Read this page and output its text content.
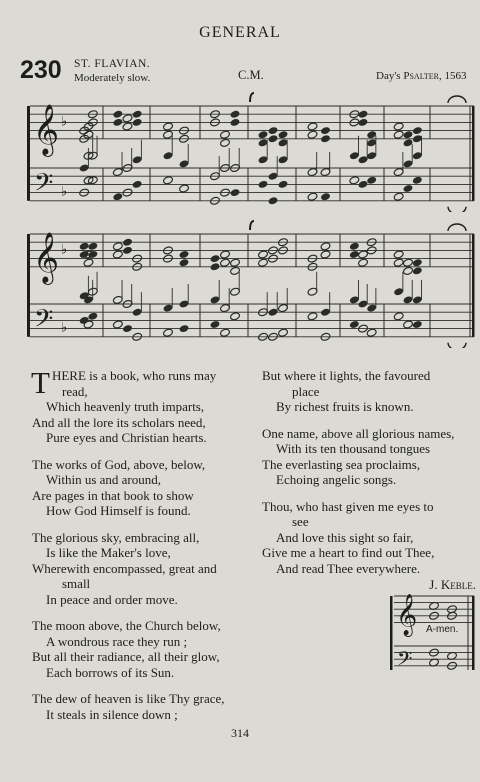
GENERAL
230 ST. FLAVIAN.
Moderately slow.	C.M.	Day's Psalter, 1563
𝄞
𝄢
♭
♭
𝄞
𝄢
♭
♭
T HERE is a book, who runs may
read,
Which heavenly truth imparts,
And all the lore its scholars need,
Pure eyes and Christian hearts.
The works of God, above, below,
Within us and around,
Are pages in that book to show
How God Himself is found.
The glorious sky, embracing all,
Is like the Maker's love,
Wherewith encompassed, great and
small
In peace and order move.
The moon above, the Church below,
A wondrous race they run ;
But all their radiance, all their glow,
Each borrows of its Sun.
The dew of heaven is like Thy grace,
It steals in silence down ;
But where it lights, the favoured
place
By richest fruits is known.
One name, above all glorious names,
With its ten thousand tongues
The everlasting sea proclaims,
Echoing angelic songs.
Thou, who hast given me eyes to
see
And love this sight so fair,
Give me a heart to find out Thee,
And read Thee everywhere.
J. Keble.
𝄞
𝄢
A-men.
314
